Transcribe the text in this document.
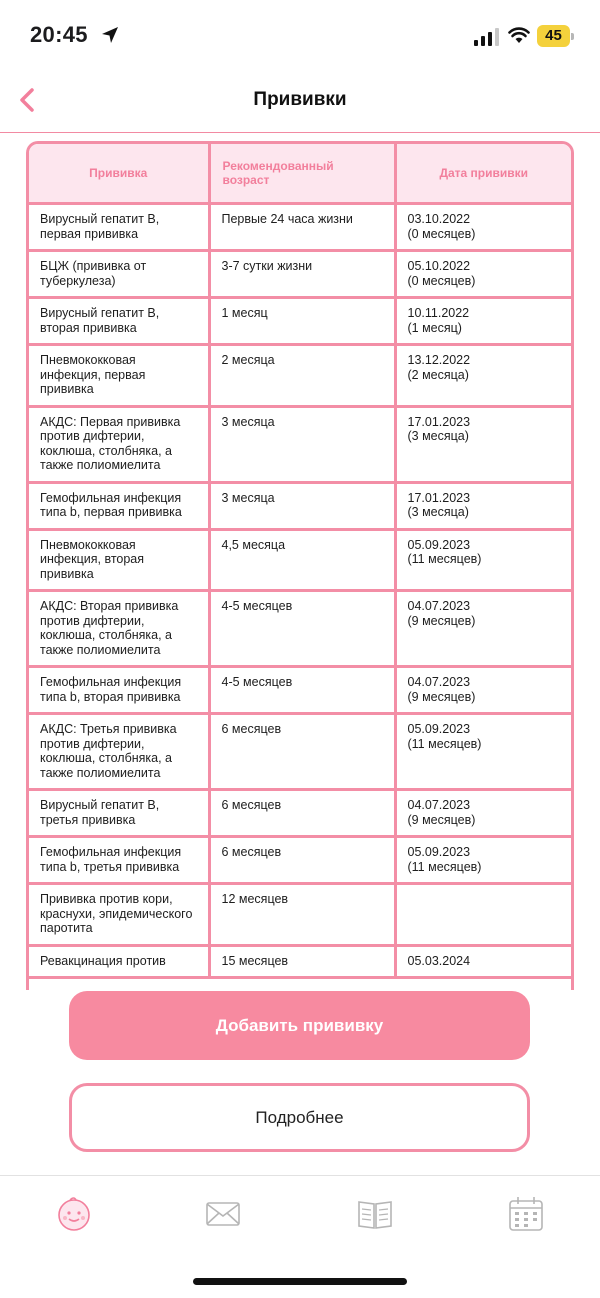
20:45	45
Прививки
Прививка	Рекомендованный возраст	Дата прививки
Вирусный гепатит B, первая прививка	Первые 24 часа жизни	03.10.2022
(0 месяцев)

БЦЖ (прививка от туберкулеза)	3-7 сутки жизни	05.10.2022
(0 месяцев)

Вирусный гепатит B, вторая прививка	1 месяц	10.11.2022
(1 месяц)

Пневмококковая инфекция, первая прививка	2 месяца	13.12.2022
(2 месяца)

АКДС: Первая прививка против дифтерии, коклюша, столбняка, а также полиомиелита	3 месяца	17.01.2023
(3 месяца)

Гемофильная инфекция типа b, первая прививка	3 месяца	17.01.2023
(3 месяца)

Пневмококковая инфекция, вторая прививка	4,5 месяца	05.09.2023
(11 месяцев)

АКДС: Вторая прививка против дифтерии, коклюша, столбняка, а также полиомиелита	4-5 месяцев	04.07.2023
(9 месяцев)

Гемофильная инфекция типа b, вторая прививка	4-5 месяцев	04.07.2023
(9 месяцев)

АКДС: Третья прививка против дифтерии, коклюша, столбняка, а также полиомиелита	6 месяцев	05.09.2023
(11 месяцев)

Вирусный гепатит B, третья прививка	6 месяцев	04.07.2023
(9 месяцев)

Гемофильная инфекция типа b, третья прививка	6 месяцев	05.09.2023
(11 месяцев)

Прививка против кори, краснухи, эпидемического паротита	12 месяцев	

Ревакцинация против	15 месяцев	05.03.2024
Добавить прививку
Подробнее
